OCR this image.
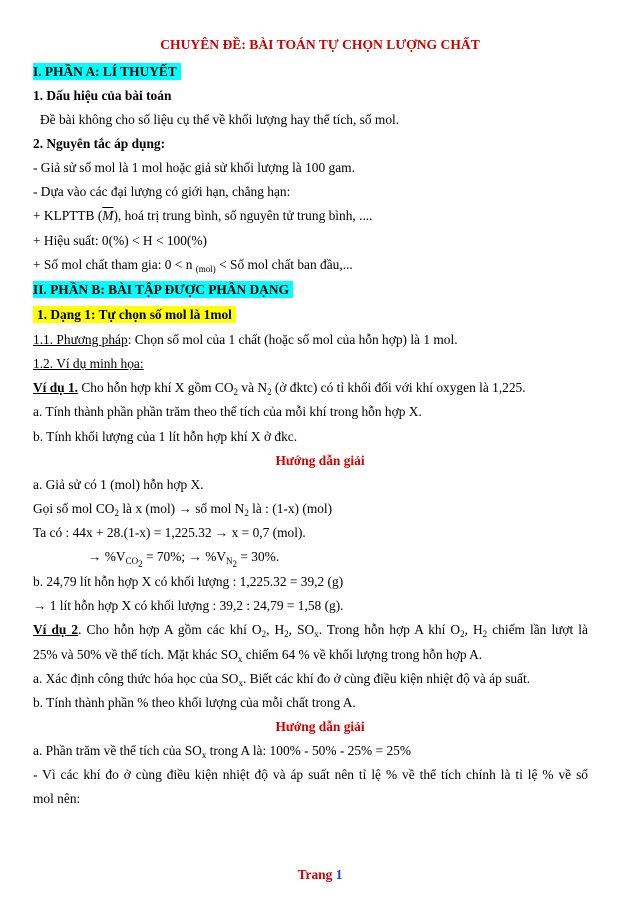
CHUYÊN ĐỀ: BÀI TOÁN TỰ CHỌN LƯỢNG CHẤT
I. PHẦN A: LÍ THUYẾT
1. Dấu hiệu của bài toán
Đề bài không cho số liệu cụ thể về khối lượng hay thể tích, số mol.
2. Nguyên tắc áp dụng:
- Giả sử số mol là 1 mol hoặc giả sử khối lượng là 100 gam.
- Dựa vào các đại lượng có giới hạn, chẳng hạn:
+ KLPTTB $(\overline{M})$, hoá trị trung bình, số nguyên tử trung bình, ....
+ Hiệu suất: 0(%) < H < 100(%)
+ Số mol chất tham gia: 0 < n $_{(mol)}$ < Số mol chất ban đầu,...
II. PHẦN B: BÀI TẬP ĐƯỢC PHÂN DẠNG
1. Dạng 1: Tự chọn số mol là 1mol
1.1. Phương pháp: Chọn số mol của 1 chất (hoặc số mol của hỗn hợp) là 1 mol.
1.2. Ví dụ minh họa:
Ví dụ 1. Cho hỗn hợp khí X gồm $CO_2$ và $N_2$ (ở đktc) có tỉ khối đối với khí oxygen là 1,225.
a. Tính thành phần phần trăm theo thể tích của mỗi khí trong hỗn hợp X.
b. Tính khối lượng của 1 lít hỗn hợp khí X ở đkc.
Hướng dẫn giải
a. Giả sử có 1 (mol) hỗn hợp X.
Gọi số mol $CO_2$ là x (mol) → số mol $N_2$ là : (1-x) (mol)
Ta có : 44x + 28.(1-x) = 1,225.32 → x = 0,7 (mol).
→ $\%V_{CO_2} = 70\%$; → $\%V_{N_2} = 30\%$.
b. 24,79 lít hỗn hợp X có khối lượng : 1,225.32 = 39,2 (g)
→ 1 lít hỗn hợp X có khối lượng : 39,2 : 24,79 = 1,58 (g).
Ví dụ 2. Cho hỗn hợp A gồm các khí $O_2$, $H_2$, $SO_x$. Trong hỗn hợp A khí $O_2$, $H_2$ chiếm lần lượt là
25% và 50% về thể tích. Mặt khác $SO_x$ chiếm 64 % về khối lượng trong hỗn hợp A.
a. Xác định công thức hóa học của $SO_x$. Biết các khí đo ở cùng điều kiện nhiệt độ và áp suất.
b. Tính thành phần % theo khối lượng của mỗi chất trong A.
Hướng dẫn giải
a. Phần trăm về thể tích của $SO_x$ trong A là: 100% - 50% - 25% = 25%
- Vì các khí đo ở cùng điều kiện nhiệt độ và áp suất nên tỉ lệ % về thể tích chính là tỉ lệ % về số
mol nên:
Trang 1
